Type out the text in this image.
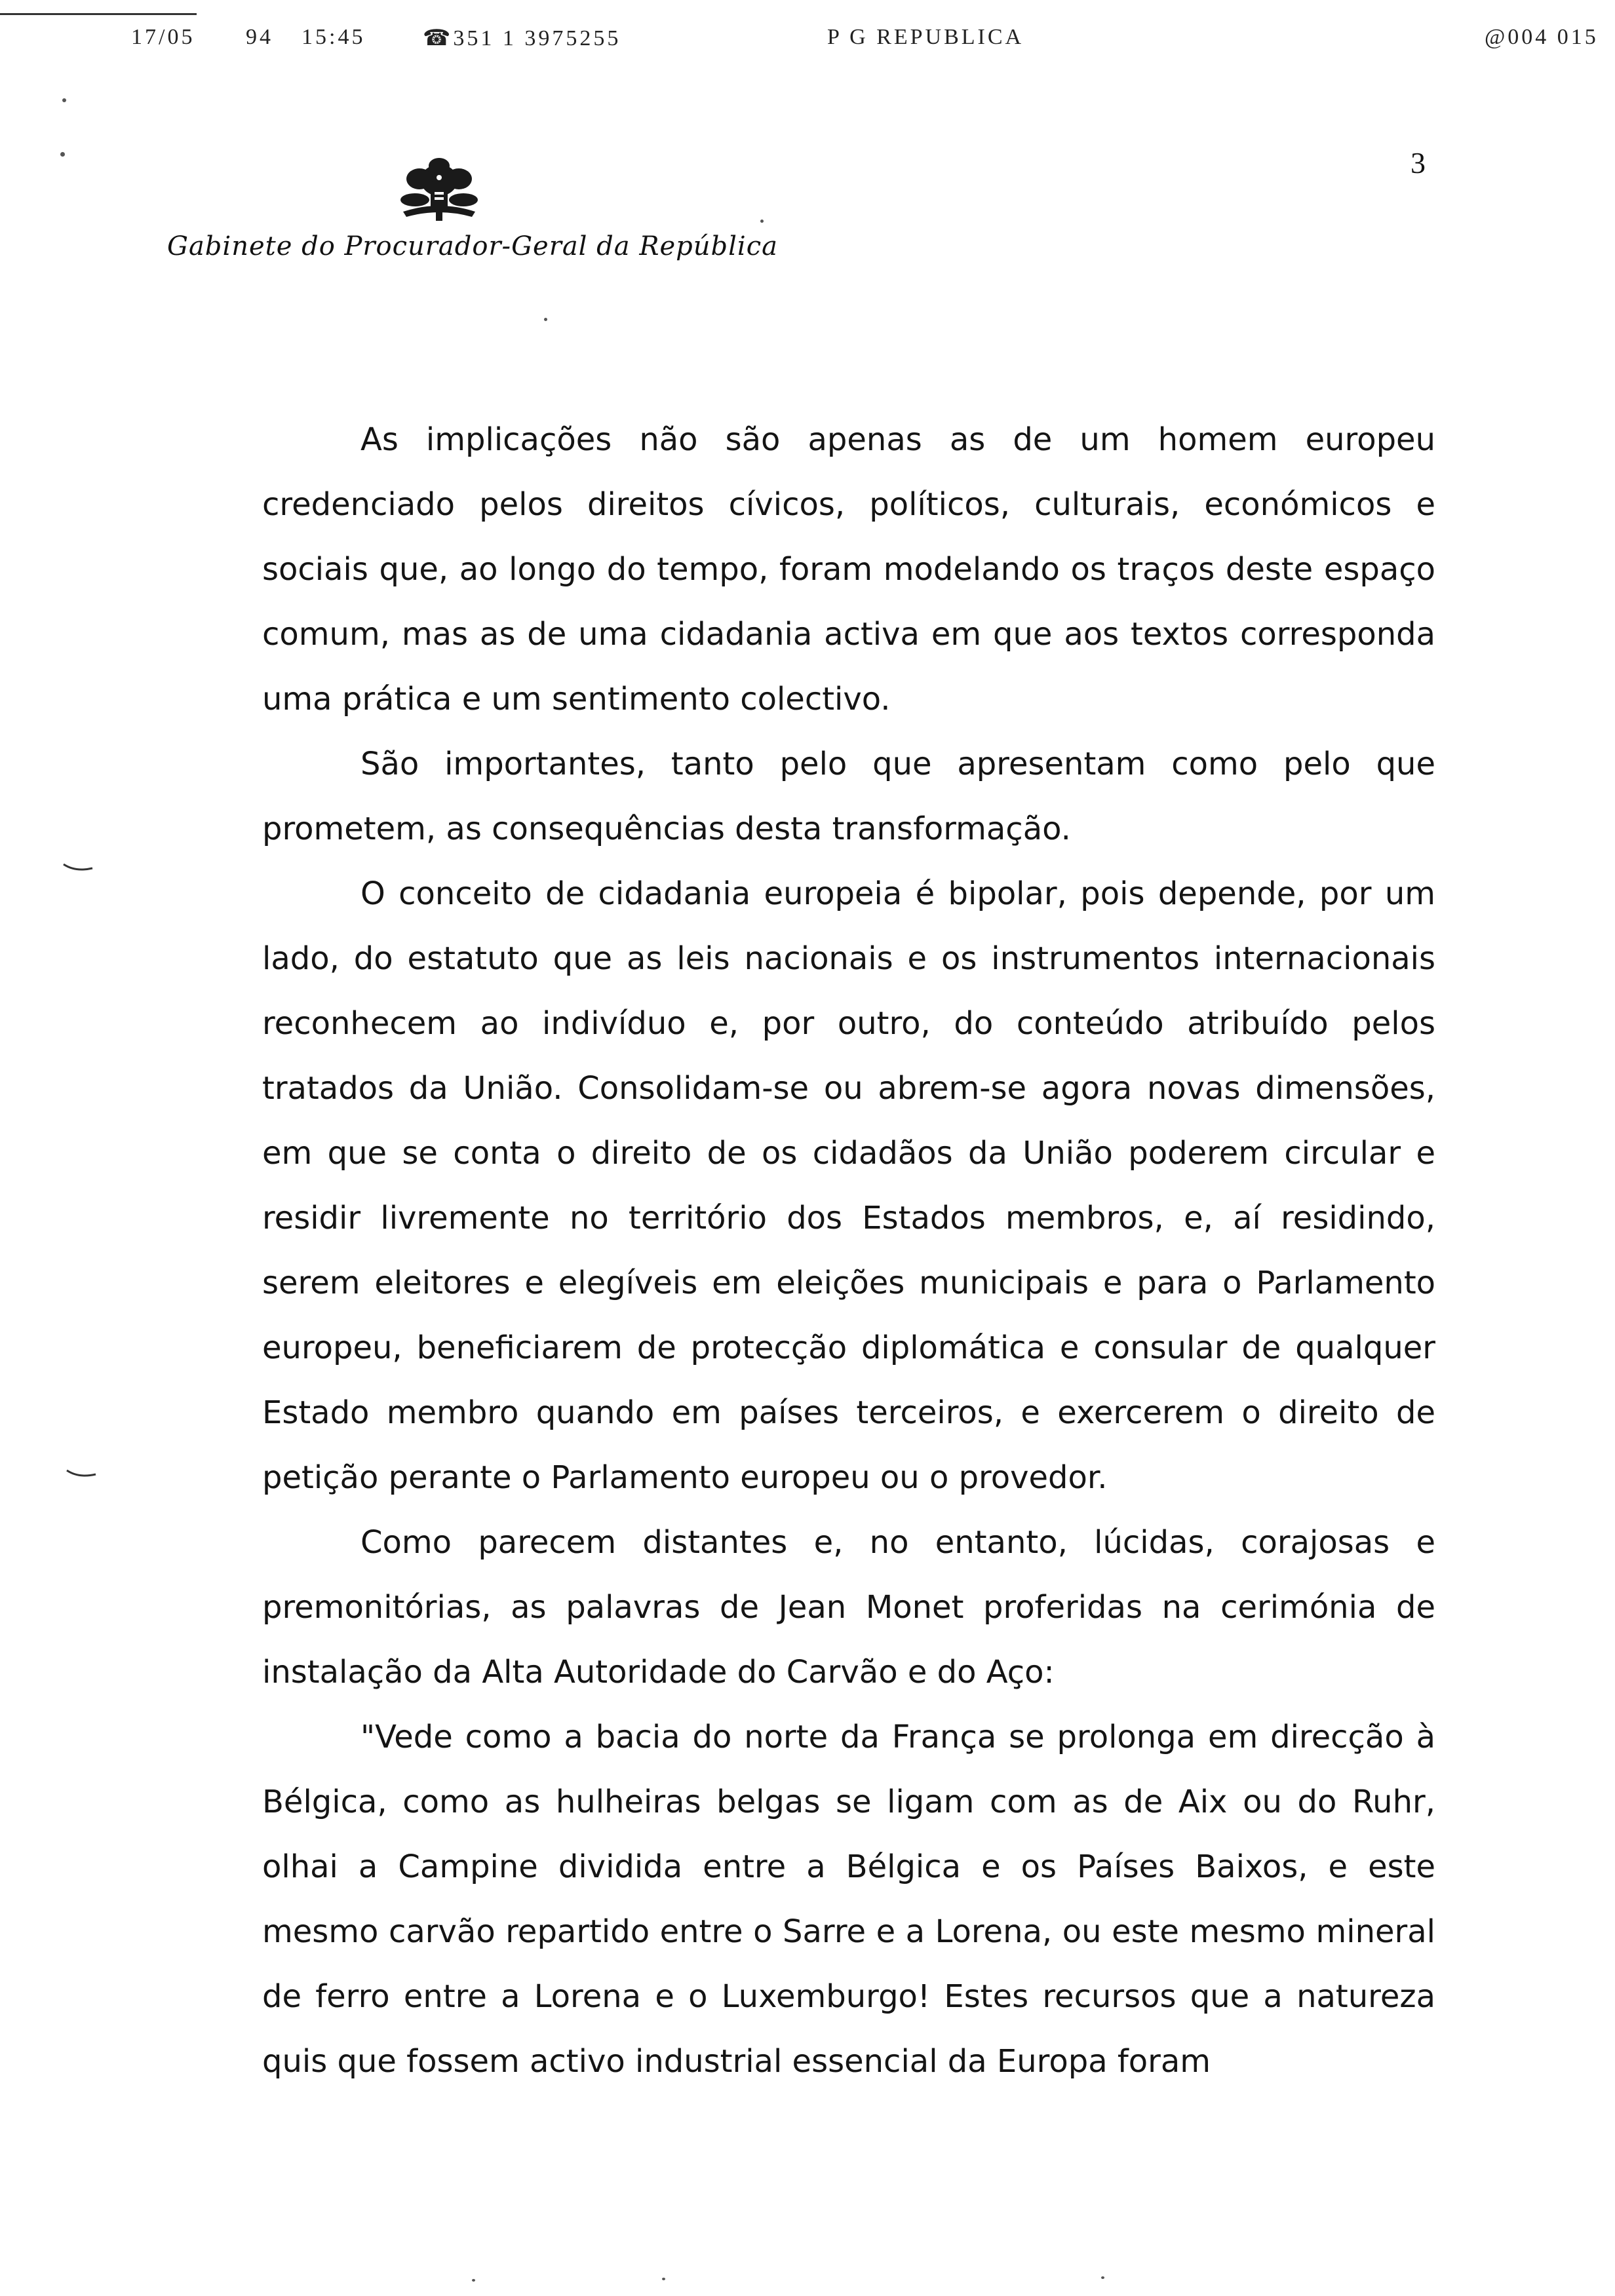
17/05 94 15:45	☎351 1 3975255	P G REPUBLICA	@004 015
Gabinete do Procurador-Geral da República
3

As implicações não são apenas as de um homem europeu credenciado pelos direitos cívicos, políticos, culturais, económicos e sociais que, ao longo do tempo, foram modelando os traços deste espaço comum, mas as de uma cidadania activa em que aos textos corresponda uma prática e um sentimento colectivo.

São importantes, tanto pelo que apresentam como pelo que prometem, as consequências desta transformação.

O conceito de cidadania europeia é bipolar, pois depende, por um lado, do estatuto que as leis nacionais e os instrumentos internacionais reconhecem ao indivíduo e, por outro, do conteúdo atribuído pelos tratados da União. Consolidam-se ou abrem-se agora novas dimensões, em que se conta o direito de os cidadãos da União poderem circular e residir livremente no território dos Estados membros, e, aí residindo, serem eleitores e elegíveis em eleições municipais e para o Parlamento europeu, beneficiarem de protecção diplomática e consular de qualquer Estado membro quando em países terceiros, e exercerem o direito de petição perante o Parlamento europeu ou o provedor.

Como parecem distantes e, no entanto, lúcidas, corajosas e premonitórias, as palavras de Jean Monet proferidas na cerimónia de instalação da Alta Autoridade do Carvão e do Aço:

"Vede como a bacia do norte da França se prolonga em direcção à Bélgica, como as hulheiras belgas se ligam com as de Aix ou do Ruhr, olhai a Campine dividida entre a Bélgica e os Países Baixos, e este mesmo carvão repartido entre o Sarre e a Lorena, ou este mesmo mineral de ferro entre a Lorena e o Luxemburgo! Estes recursos que a natureza quis que fossem activo industrial essencial da Europa foram
